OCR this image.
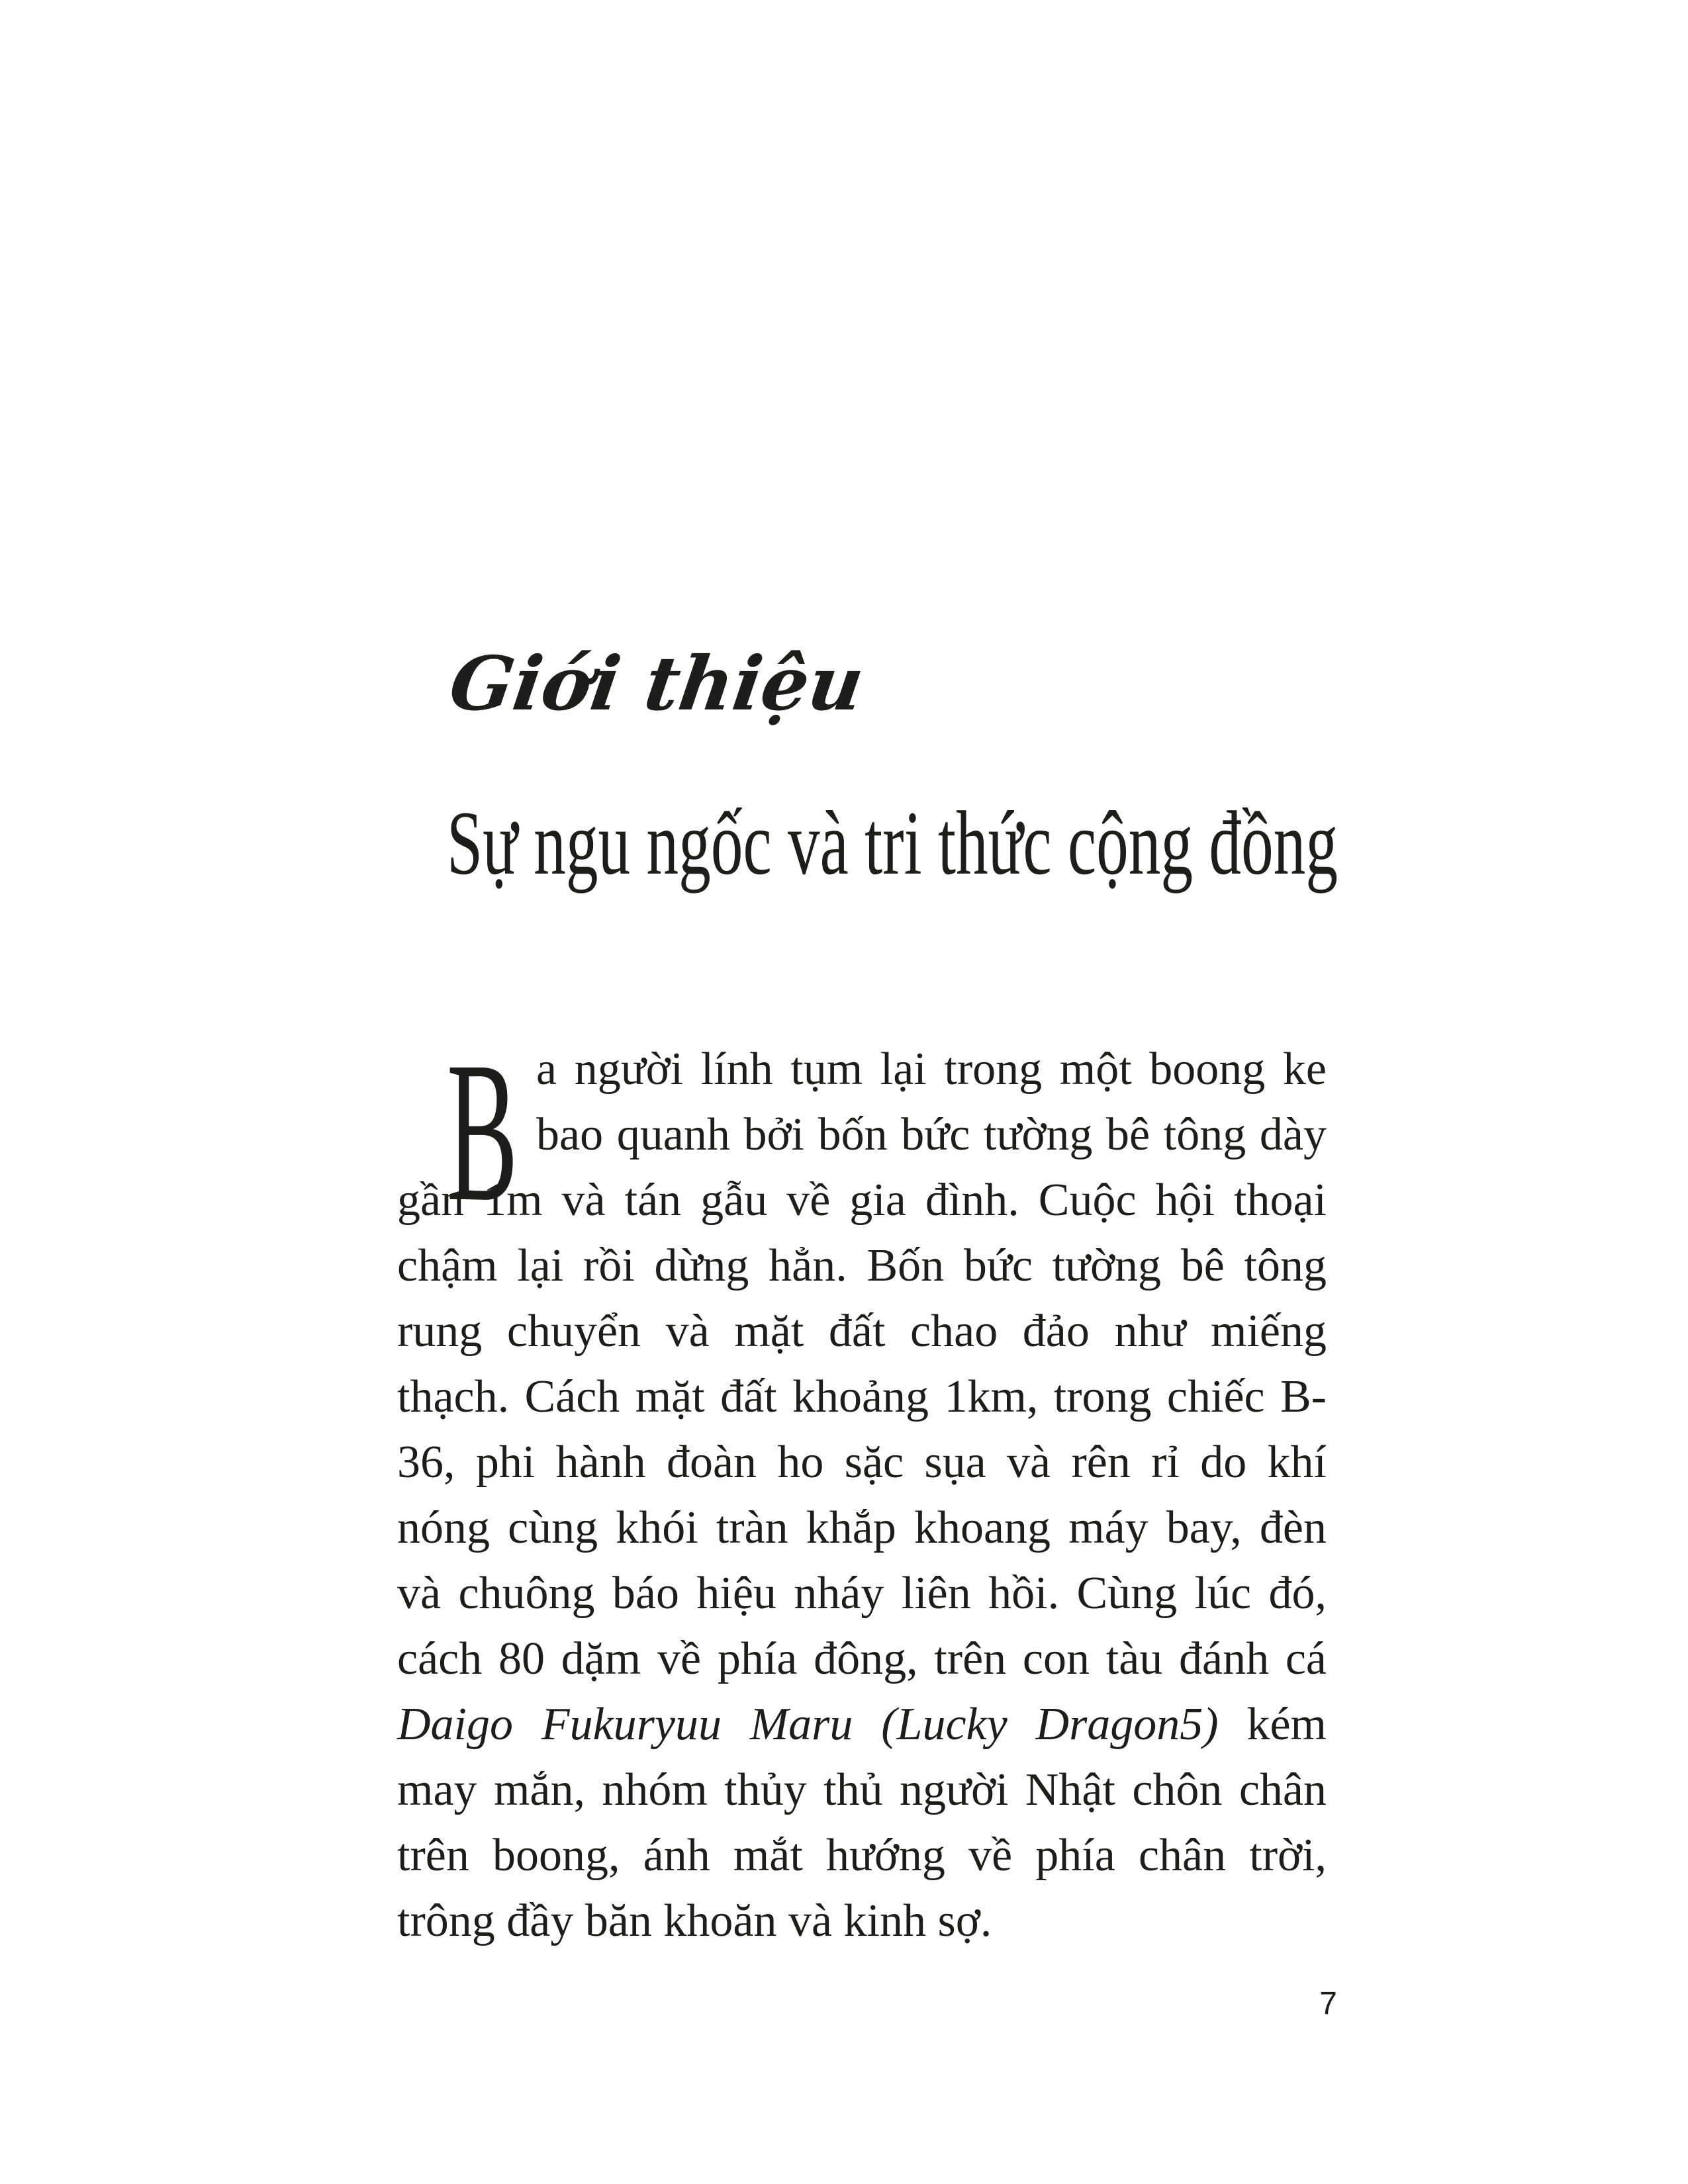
Giới thiệu
Sự ngu ngốc và tri thức cộng đồng
B a người lính tụm lại trong một boong ke bao quanh bởi bốn bức tường bê tông dày gần 1m và tán gẫu về gia đình. Cuộc hội thoại chậm lại rồi dừng hẳn. Bốn bức tường bê tông rung chuyển và mặt đất chao đảo như miếng thạch. Cách mặt đất khoảng 1km, trong chiếc B-36, phi hành đoàn ho sặc sụa và rên rỉ do khí nóng cùng khói tràn khắp khoang máy bay, đèn và chuông báo hiệu nháy liên hồi. Cùng lúc đó, cách 80 dặm về phía đông, trên con tàu đánh cá Daigo Fukuryuu Maru (Lucky Dragon5) kém may mắn, nhóm thủy thủ người Nhật chôn chân trên boong, ánh mắt hướng về phía chân trời, trông đầy băn khoăn và kinh sợ.
7
